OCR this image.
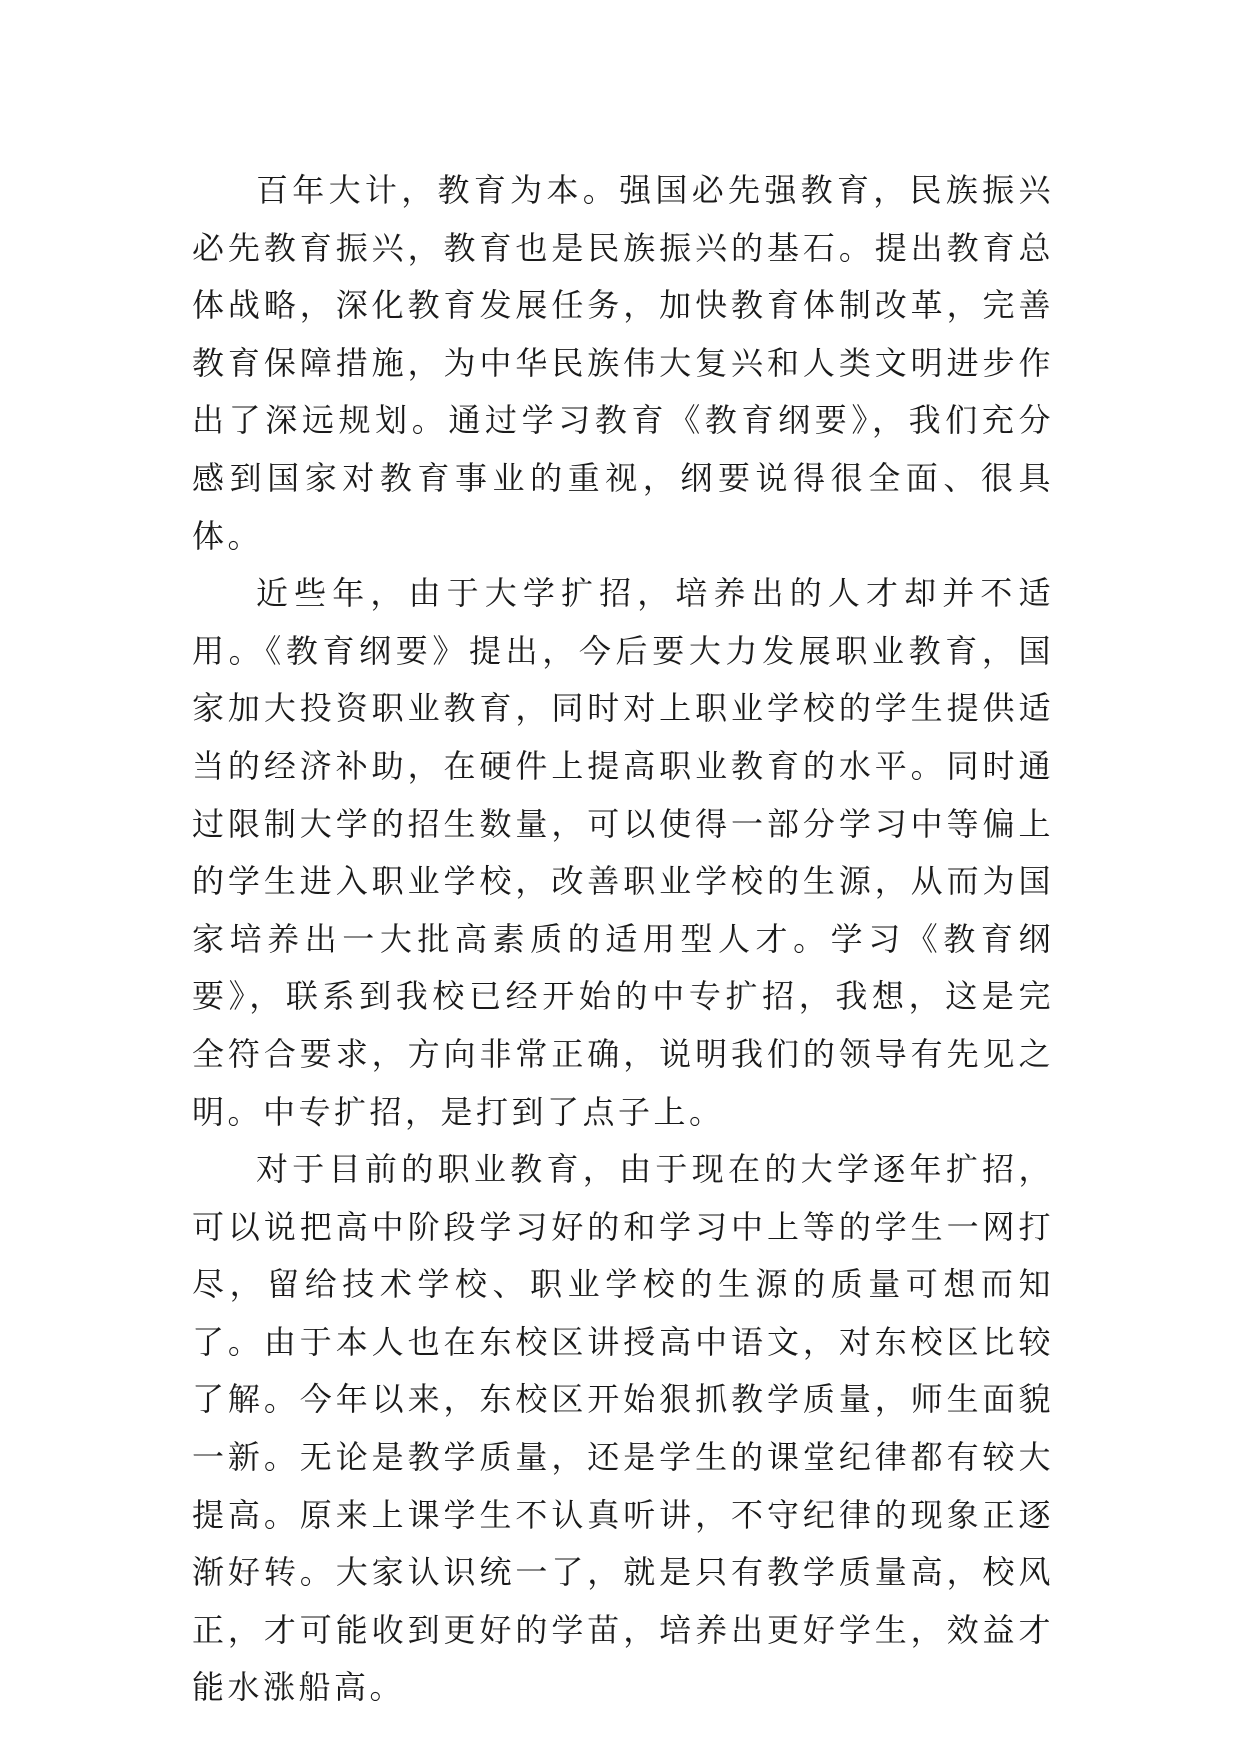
百年大计，教育为本。强国必先强教育，民族振兴必先教育振兴，教育也是民族振兴的基石。提出教育总体战略，深化教育发展任务，加快教育体制改革，完善教育保障措施，为中华民族伟大复兴和人类文明进步作出了深远规划。通过学习教育《教育纲要》，我们充分感到国家对教育事业的重视，纲要说得很全面、很具体。

近些年，由于大学扩招，培养出的人才却并不适用。《教育纲要》提出，今后要大力发展职业教育，国家加大投资职业教育，同时对上职业学校的学生提供适当的经济补助，在硬件上提高职业教育的水平。同时通过限制大学的招生数量，可以使得一部分学习中等偏上的学生进入职业学校，改善职业学校的生源，从而为国家培养出一大批高素质的适用型人才。学习《教育纲要》，联系到我校已经开始的中专扩招，我想，这是完全符合要求，方向非常正确，说明我们的领导有先见之明。中专扩招，是打到了点子上。

对于目前的职业教育，由于现在的大学逐年扩招，可以说把高中阶段学习好的和学习中上等的学生一网打尽，留给技术学校、职业学校的生源的质量可想而知了。由于本人也在东校区讲授高中语文，对东校区比较了解。今年以来，东校区开始狠抓教学质量，师生面貌一新。无论是教学质量，还是学生的课堂纪律都有较大提高。原来上课学生不认真听讲，不守纪律的现象正逐渐好转。大家认识统一了，就是只有教学质量高，校风正，才可能收到更好的学苗，培养出更好学生，效益才能水涨船高。
